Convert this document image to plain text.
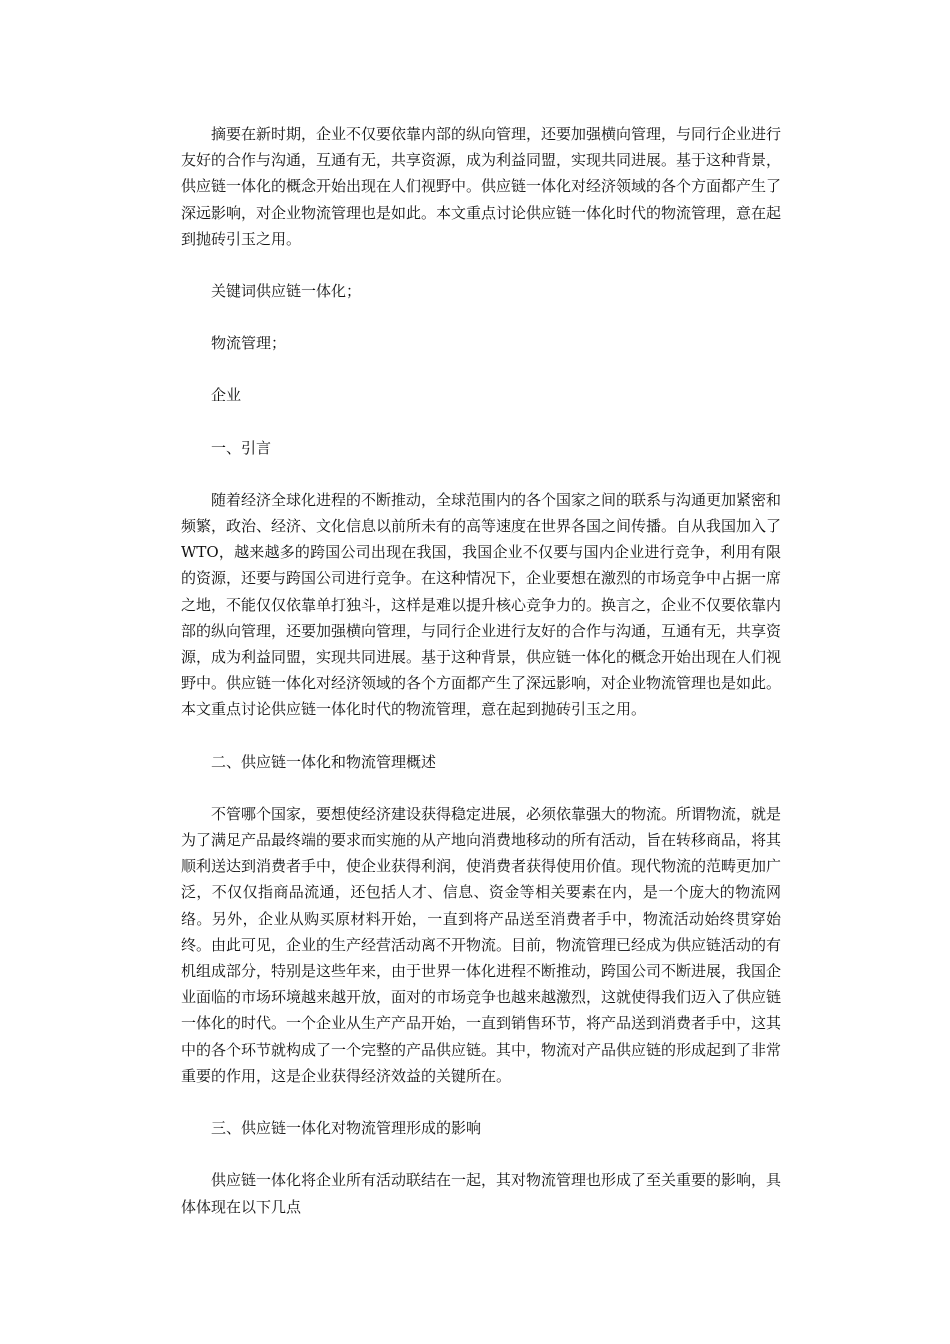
摘要在新时期，企业不仅要依靠内部的纵向管理，还要加强横向管理，与同行企业进行友好的合作与沟通，互通有无，共享资源，成为利益同盟，实现共同进展。基于这种背景，供应链一体化的概念开始出现在人们视野中。供应链一体化对经济领域的各个方面都产生了深远影响，对企业物流管理也是如此。本文重点讨论供应链一体化时代的物流管理，意在起到抛砖引玉之用。

关键词供应链一体化；

物流管理；

企业

一、引言

随着经济全球化进程的不断推动，全球范围内的各个国家之间的联系与沟通更加紧密和频繁，政治、经济、文化信息以前所未有的高等速度在世界各国之间传播。自从我国加入了WTO，越来越多的跨国公司出现在我国，我国企业不仅要与国内企业进行竞争，利用有限的资源，还要与跨国公司进行竞争。在这种情况下，企业要想在激烈的市场竞争中占据一席之地，不能仅仅依靠单打独斗，这样是难以提升核心竞争力的。换言之，企业不仅要依靠内部的纵向管理，还要加强横向管理，与同行企业进行友好的合作与沟通，互通有无，共享资源，成为利益同盟，实现共同进展。基于这种背景，供应链一体化的概念开始出现在人们视野中。供应链一体化对经济领域的各个方面都产生了深远影响，对企业物流管理也是如此。本文重点讨论供应链一体化时代的物流管理，意在起到抛砖引玉之用。

二、供应链一体化和物流管理概述

不管哪个国家，要想使经济建设获得稳定进展，必须依靠强大的物流。所谓物流，就是为了满足产品最终端的要求而实施的从产地向消费地移动的所有活动，旨在转移商品，将其顺利送达到消费者手中，使企业获得利润，使消费者获得使用价值。现代物流的范畴更加广泛，不仅仅指商品流通，还包括人才、信息、资金等相关要素在内，是一个庞大的物流网络。另外，企业从购买原材料开始，一直到将产品送至消费者手中，物流活动始终贯穿始终。由此可见，企业的生产经营活动离不开物流。目前，物流管理已经成为供应链活动的有机组成部分，特别是这些年来，由于世界一体化进程不断推动，跨国公司不断进展，我国企业面临的市场环境越来越开放，面对的市场竞争也越来越激烈，这就使得我们迈入了供应链一体化的时代。一个企业从生产产品开始，一直到销售环节，将产品送到消费者手中，这其中的各个环节就构成了一个完整的产品供应链。其中，物流对产品供应链的形成起到了非常重要的作用，这是企业获得经济效益的关键所在。

三、供应链一体化对物流管理形成的影响

供应链一体化将企业所有活动联结在一起，其对物流管理也形成了至关重要的影响，具体体现在以下几点
